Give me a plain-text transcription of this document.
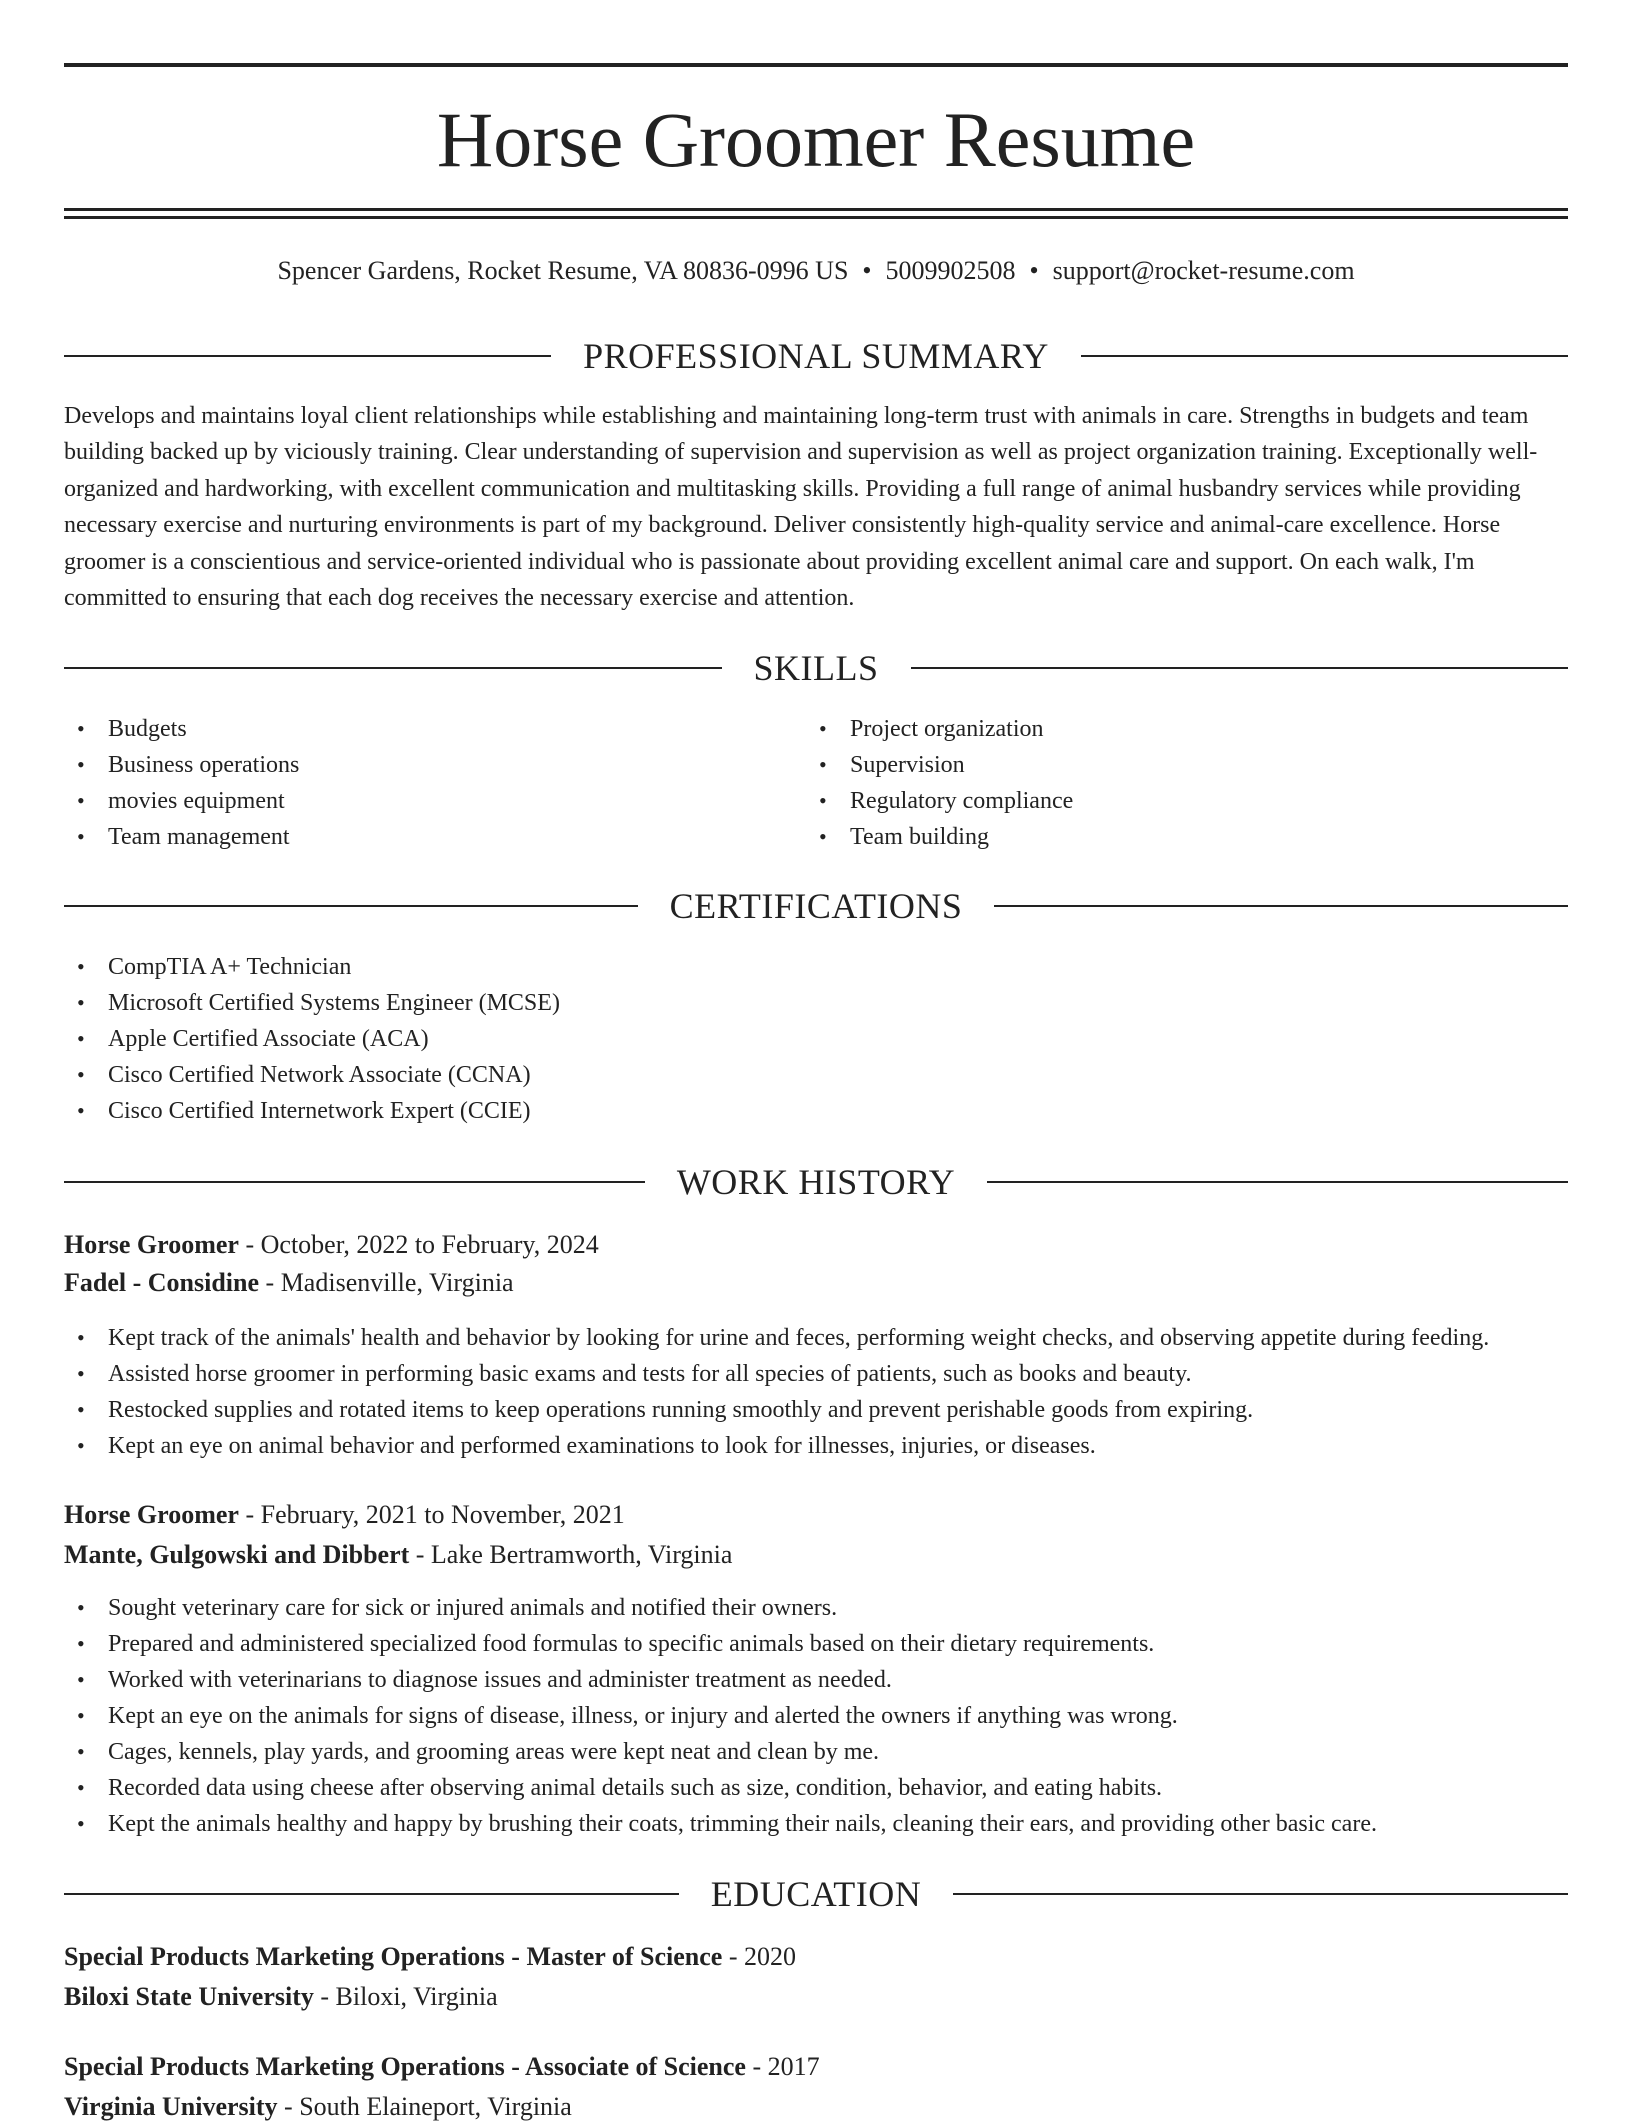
Horse Groomer Resume
Spencer Gardens, Rocket Resume, VA 80836-0996 US • 5009902508 • support@rocket-resume.com
PROFESSIONAL SUMMARY

Develops and maintains loyal client relationships while establishing and maintaining long-term trust with animals in care. Strengths in budgets and team building backed up by viciously training. Clear understanding of supervision and supervision as well as project organization training. Exceptionally well-organized and hardworking, with excellent communication and multitasking skills. Providing a full range of animal husbandry services while providing necessary exercise and nurturing environments is part of my background. Deliver consistently high-quality service and animal-care excellence. Horse groomer is a conscientious and service-oriented individual who is passionate about providing excellent animal care and support. On each walk, I'm committed to ensuring that each dog receives the necessary exercise and attention.

SKILLS
• Budgets
• Business operations
• movies equipment
• Team management
• Project organization
• Supervision
• Regulatory compliance
• Team building
CERTIFICATIONS
• CompTIA A+ Technician
• Microsoft Certified Systems Engineer (MCSE)
• Apple Certified Associate (ACA)
• Cisco Certified Network Associate (CCNA)
• Cisco Certified Internetwork Expert (CCIE)
WORK HISTORY
Horse Groomer - October, 2022 to February, 2024
Fadel - Considine - Madisenville, Virginia
• Kept track of the animals' health and behavior by looking for urine and feces, performing weight checks, and observing appetite during feeding.
• Assisted horse groomer in performing basic exams and tests for all species of patients, such as books and beauty.
• Restocked supplies and rotated items to keep operations running smoothly and prevent perishable goods from expiring.
• Kept an eye on animal behavior and performed examinations to look for illnesses, injuries, or diseases.
Horse Groomer - February, 2021 to November, 2021
Mante, Gulgowski and Dibbert - Lake Bertramworth, Virginia
• Sought veterinary care for sick or injured animals and notified their owners.
• Prepared and administered specialized food formulas to specific animals based on their dietary requirements.
• Worked with veterinarians to diagnose issues and administer treatment as needed.
• Kept an eye on the animals for signs of disease, illness, or injury and alerted the owners if anything was wrong.
• Cages, kennels, play yards, and grooming areas were kept neat and clean by me.
• Recorded data using cheese after observing animal details such as size, condition, behavior, and eating habits.
• Kept the animals healthy and happy by brushing their coats, trimming their nails, cleaning their ears, and providing other basic care.
EDUCATION
Special Products Marketing Operations - Master of Science - 2020
Biloxi State University - Biloxi, Virginia
Special Products Marketing Operations - Associate of Science - 2017
Virginia University - South Elaineport, Virginia
